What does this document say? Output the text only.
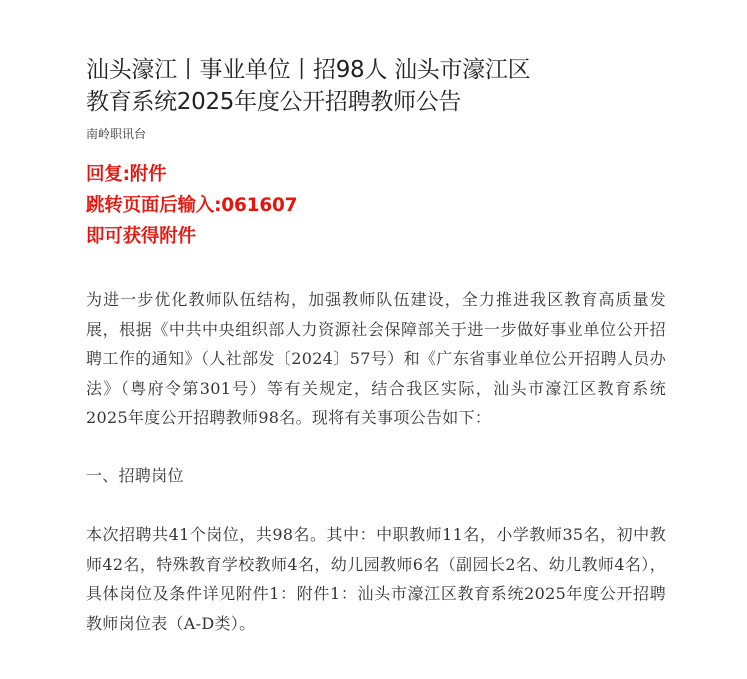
汕头濠江丨事业单位丨招98人 汕头市濠江区
教育系统2025年度公开招聘教师公告
南岭职讯台
回复:附件
跳转页面后输入:061607
即可获得附件
为进一步优化教师队伍结构，加强教师队伍建设，全力推进我区教育高质量发展，根据《中共中央组织部人力资源社会保障部关于进一步做好事业单位公开招聘工作的通知》（人社部发〔2024〕57号）和《广东省事业单位公开招聘人员办法》（粤府令第301号）等有关规定，结合我区实际，汕头市濠江区教育系统2025年度公开招聘教师98名。现将有关事项公告如下：
一、招聘岗位
本次招聘共41个岗位，共98名。其中：中职教师11名，小学教师35名，初中教师42名，特殊教育学校教师4名，幼儿园教师6名（副园长2名、幼儿教师4名），具体岗位及条件详见附件1：附件1：汕头市濠江区教育系统2025年度公开招聘教师岗位表（A-D类）。
